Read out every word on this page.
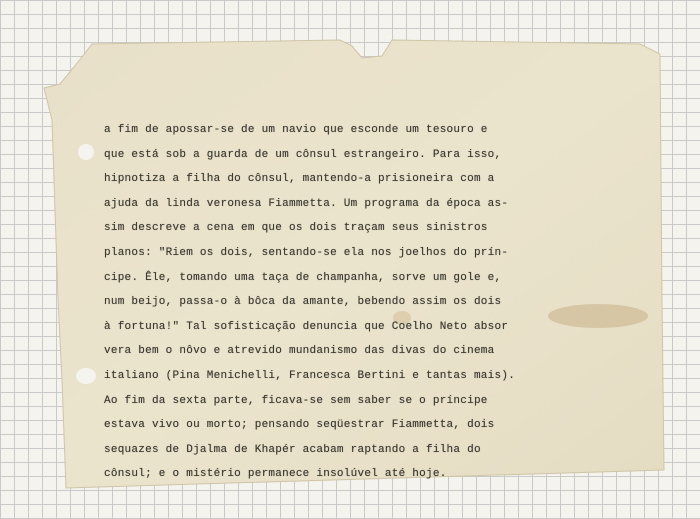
a fim de apossar-se de um navio que esconde um tesouro e
que está sob a guarda de um cônsul estrangeiro. Para isso,
hipnotiza a filha do cônsul, mantendo-a prisioneira com a
ajuda da linda veronesa Fiammetta. Um programa da época as-
sim descreve a cena em que os dois traçam seus sinistros
planos: "Riem os dois, sentando-se ela nos joelhos do prín-
cipe. Êle, tomando uma taça de champanha, sorve um gole e,
num beijo, passa-o à bôca da amante, bebendo assim os dois
à fortuna!" Tal sofisticação denuncia que Coelho Neto absor
vera bem o nôvo e atrevido mundanismo das divas do cinema
italiano (Pina Menichelli, Francesca Bertini e tantas mais).
Ao fim da sexta parte, ficava-se sem saber se o príncipe
estava vivo ou morto; pensando seqüestrar Fiammetta, dois
sequazes de Djalma de Khapér acabam raptando a filha do
cônsul; e o mistério permanece insolúvel até hoje.
